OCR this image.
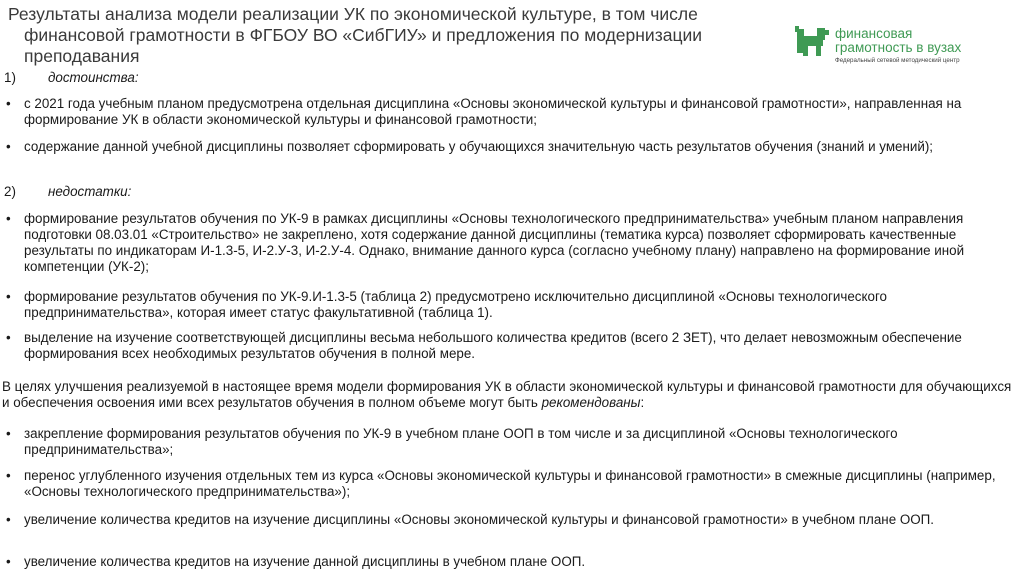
Результаты анализа модели реализации УК по экономической культуре, в том числе
финансовой грамотности в ФГБОУ ВО «СибГИУ» и предложения по модернизации
преподавания
финансовая
грамотность в вузах
Федеральный сетевой методический центр
1) достоинства:
• с 2021 года учебным планом предусмотрена отдельная дисциплина «Основы экономической культуры и финансовой грамотности», направленная на формирование УК в области экономической культуры и финансовой грамотности;
• содержание данной учебной дисциплины позволяет сформировать у обучающихся значительную часть результатов обучения (знаний и умений);
2) недостатки:
• формирование результатов обучения по УК-9 в рамках дисциплины «Основы технологического предпринимательства» учебным планом направления подготовки 08.03.01 «Строительство» не закреплено, хотя содержание данной дисциплины (тематика курса) позволяет сформировать качественные результаты по индикаторам И-1.3-5, И-2.У-3, И-2.У-4. Однако, внимание данного курса (согласно учебному плану) направлено на формирование иной компетенции (УК-2);
• формирование результатов обучения по УК-9.И-1.3-5 (таблица 2) предусмотрено исключительно дисциплиной «Основы технологического предпринимательства», которая имеет статус факультативной (таблица 1).
• выделение на изучение соответствующей дисциплины весьма небольшого количества кредитов (всего 2 ЗЕТ), что делает невозможным обеспечение формирования всех необходимых результатов обучения в полной мере.
В целях улучшения реализуемой в настоящее время модели формирования УК в области экономической культуры и финансовой грамотности для обучающихся и обеспечения освоения ими всех результатов обучения в полном объеме могут быть рекомендованы:
• закрепление формирования результатов обучения по УК-9 в учебном плане ООП в том числе и за дисциплиной «Основы технологического предпринимательства»;
• перенос углубленного изучения отдельных тем из курса «Основы экономической культуры и финансовой грамотности» в смежные дисциплины (например, «Основы технологического предпринимательства»);
• увеличение количества кредитов на изучение дисциплины «Основы экономической культуры и финансовой грамотности» в учебном плане ООП.
• увеличение количества кредитов на изучение данной дисциплины в учебном плане ООП.
